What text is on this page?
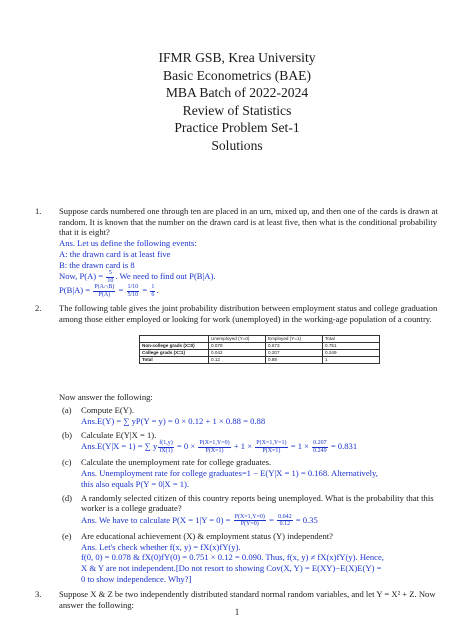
IFMR GSB, Krea University
Basic Econometrics (BAE)
MBA Batch of 2022-2024
Review of Statistics
Practice Problem Set-1
Solutions
1. Suppose cards numbered one through ten are placed in an urn, mixed up, and then one of the cards is drawn at random. It is known that the number on the drawn card is at least five, then what is the conditional probability that it is eight?
Ans. Let us define the following events:
A: the drawn card is at least five
B: the drawn card is 8
Now, $P(A) = \frac{5}{10}$ . We need to find out P(B|A).
$P(B|A) = \frac{P(A\cap B)}{P(A)} = \frac{1/10}{5/10} = \frac{1}{6}$ .
2. The following table gives the joint probability distribution between employment status and college graduation among those either employed or looking for work (unemployed) in the working-age population of a country.
	Unemployed (Y=0)	Employed (Y=1)	Total
Non-college grads (X=0)	0.078	0.673	0.751
College grads (X=1)	0.042	0.207	0.249
Total	0.12	0.88	1
Now answer the following:
(a) Compute E(Y).
Ans.E(Y) = ∑ yP(Y = y) = 0 × 0.12 + 1 × 0.88 = 0.88
(b) Calculate E(Y|X = 1).
Ans.E(Y|X = 1) = ∑ y $\frac{f(1,y)}{fX(1)} = 0 \times \frac{P(X=1,Y=0)}{P(X=1)} + 1 \times \frac{P(X=1,Y=1)}{P(X=1)} = 1 \times \frac{0.207}{0.249} = 0.831$
(c) Calculate the unemployment rate for college graduates.
Ans. Unemployment rate for college graduates=1 − E(Y|X = 1) = 0.168. Alternatively,
this also equals P(Y = 0|X = 1).
(d) A randomly selected citizen of this country reports being unemployed. What is the probability that this worker is a college graduate?
Ans. We have to calculate $P(X = 1|Y = 0) = \frac{P(X=1,Y=0)}{P(Y=0)} = \frac{0.042}{0.12} = 0.35$
(e) Are educational achievement (X) & employment status (Y) independent?
Ans. Let's check whether f(x, y) = fX(x)fY(y).
f(0, 0) = 0.078 & fX(0)fY(0) = 0.751 × 0.12 = 0.090. Thus, f(x, y) ≠ fX(x)fY(y). Hence,
X & Y are not independent.[Do not resort to showing Cov(X, Y) = E(XY)−E(X)E(Y) =
0 to show independence. Why?]
3. Suppose X & Z be two independently distributed standard normal random variables, and let Y = X² + Z. Now answer the following:
1
